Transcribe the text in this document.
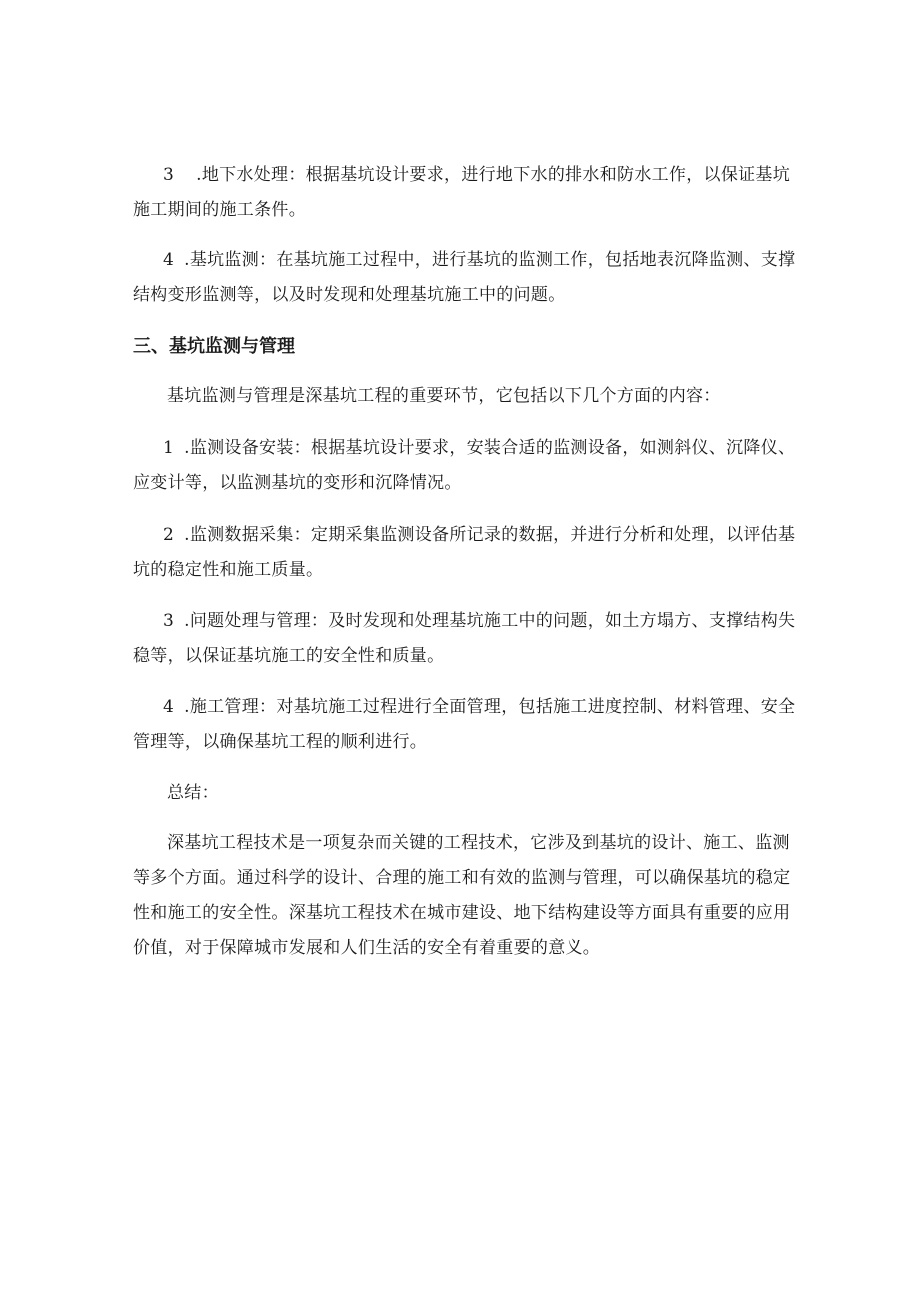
3 .地下水处理：根据基坑设计要求，进行地下水的排水和防水工作，以保证基坑施工期间的施工条件。

4 .基坑监测：在基坑施工过程中，进行基坑的监测工作，包括地表沉降监测、支撑结构变形监测等，以及时发现和处理基坑施工中的问题。

三、基坑监测与管理

基坑监测与管理是深基坑工程的重要环节，它包括以下几个方面的内容：

1 .监测设备安装：根据基坑设计要求，安装合适的监测设备，如测斜仪、沉降仪、应变计等，以监测基坑的变形和沉降情况。

2 .监测数据采集：定期采集监测设备所记录的数据，并进行分析和处理，以评估基坑的稳定性和施工质量。

3 .问题处理与管理：及时发现和处理基坑施工中的问题，如土方塌方、支撑结构失稳等，以保证基坑施工的安全性和质量。

4 .施工管理：对基坑施工过程进行全面管理，包括施工进度控制、材料管理、安全管理等，以确保基坑工程的顺利进行。

总结：

深基坑工程技术是一项复杂而关键的工程技术，它涉及到基坑的设计、施工、监测等多个方面。通过科学的设计、合理的施工和有效的监测与管理，可以确保基坑的稳定性和施工的安全性。深基坑工程技术在城市建设、地下结构建设等方面具有重要的应用价值，对于保障城市发展和人们生活的安全有着重要的意义。
